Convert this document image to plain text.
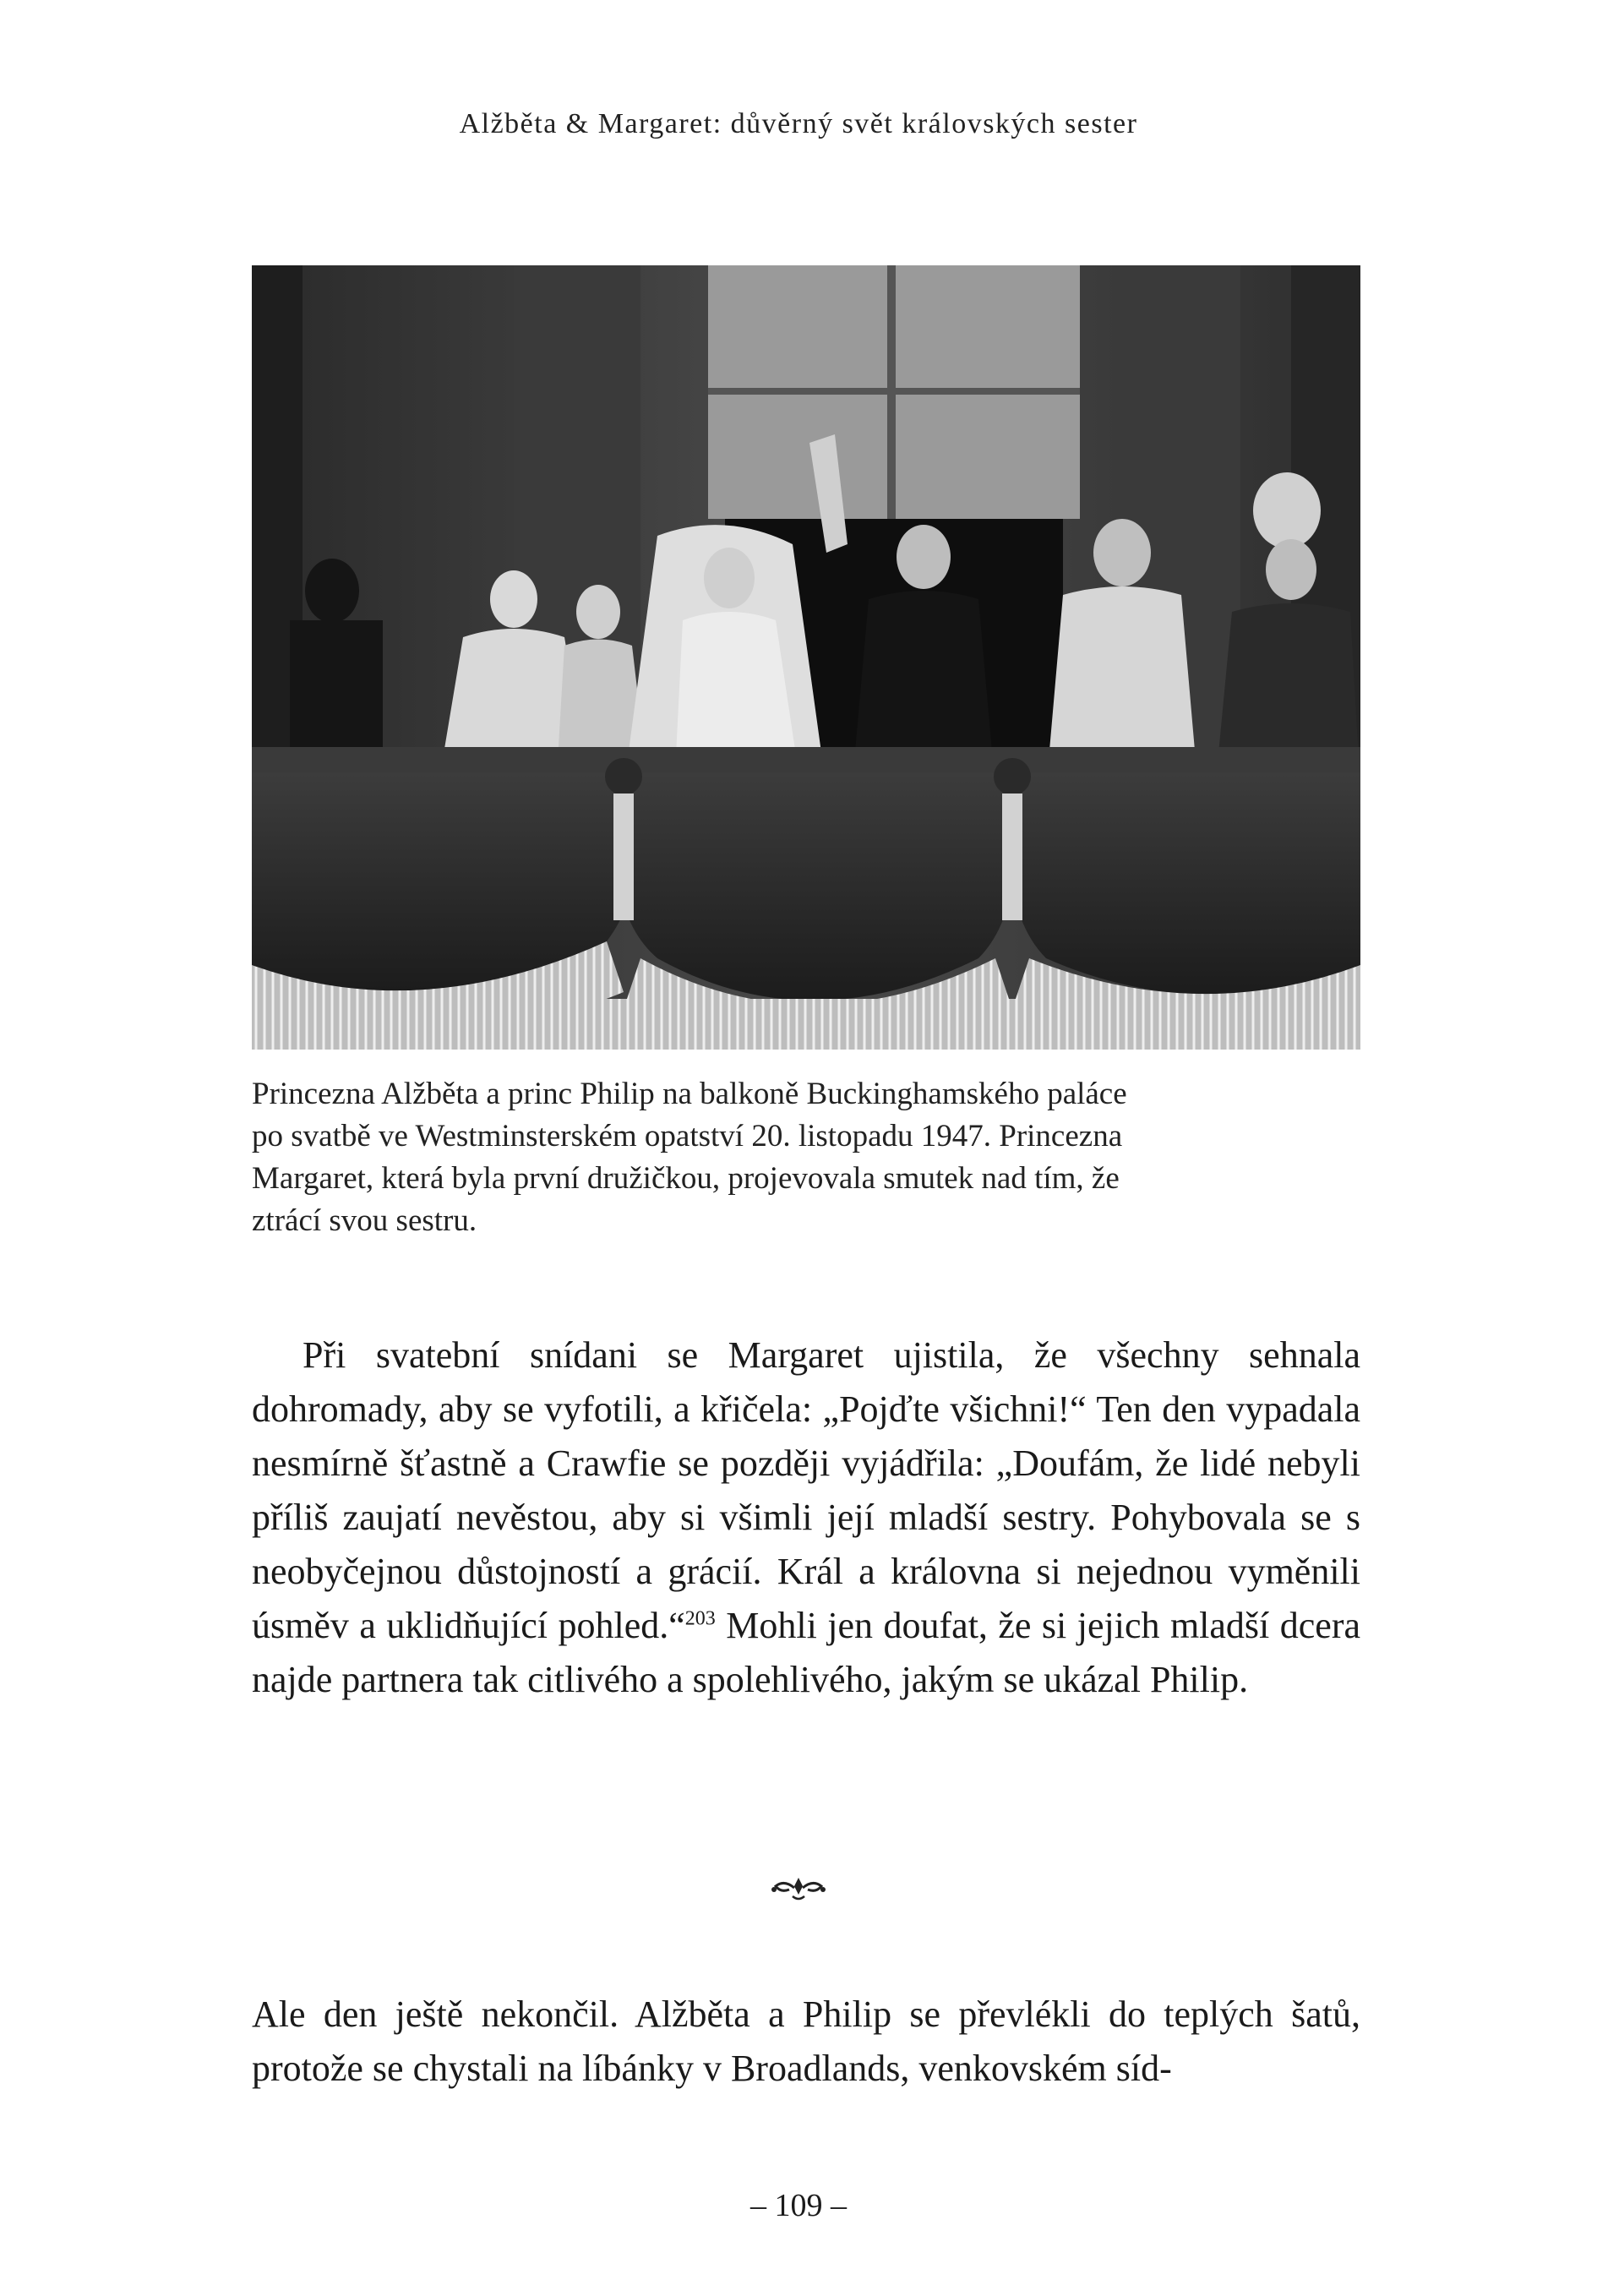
Alžběta & Margaret: důvěrný svět královských sester

Princezna Alžběta a princ Philip na balkoně Buckinghamského paláce

po svatbě ve Westminsterském opatství 20. listopadu 1947. Princezna

Margaret, která byla první družičkou, projevovala smutek nad tím, že

ztrácí svou sestru.

Při svatební snídani se Margaret ujistila, že všechny sehnala dohromady, aby se vyfotili, a křičela: „Pojďte všichni!“ Ten den vypadala nesmírně šťastně a Crawfie se později vyjádřila: „Doufám, že lidé nebyli příliš zaujatí nevěstou, aby si všimli její mladší sestry. Pohybovala se s neobyčejnou důstojností a grácií. Král a královna si nejednou vyměnili úsměv a uklidňující pohled.“$^{203}$ Mohli jen doufat, že si jejich mladší dcera najde partnera tak citlivého a spolehlivého, jakým se ukázal Philip.

Ale den ještě nekončil. Alžběta a Philip se převlékli do teplých šatů, protože se chystali na líbánky v Broadlands, venkovském síd-

– 109 –
